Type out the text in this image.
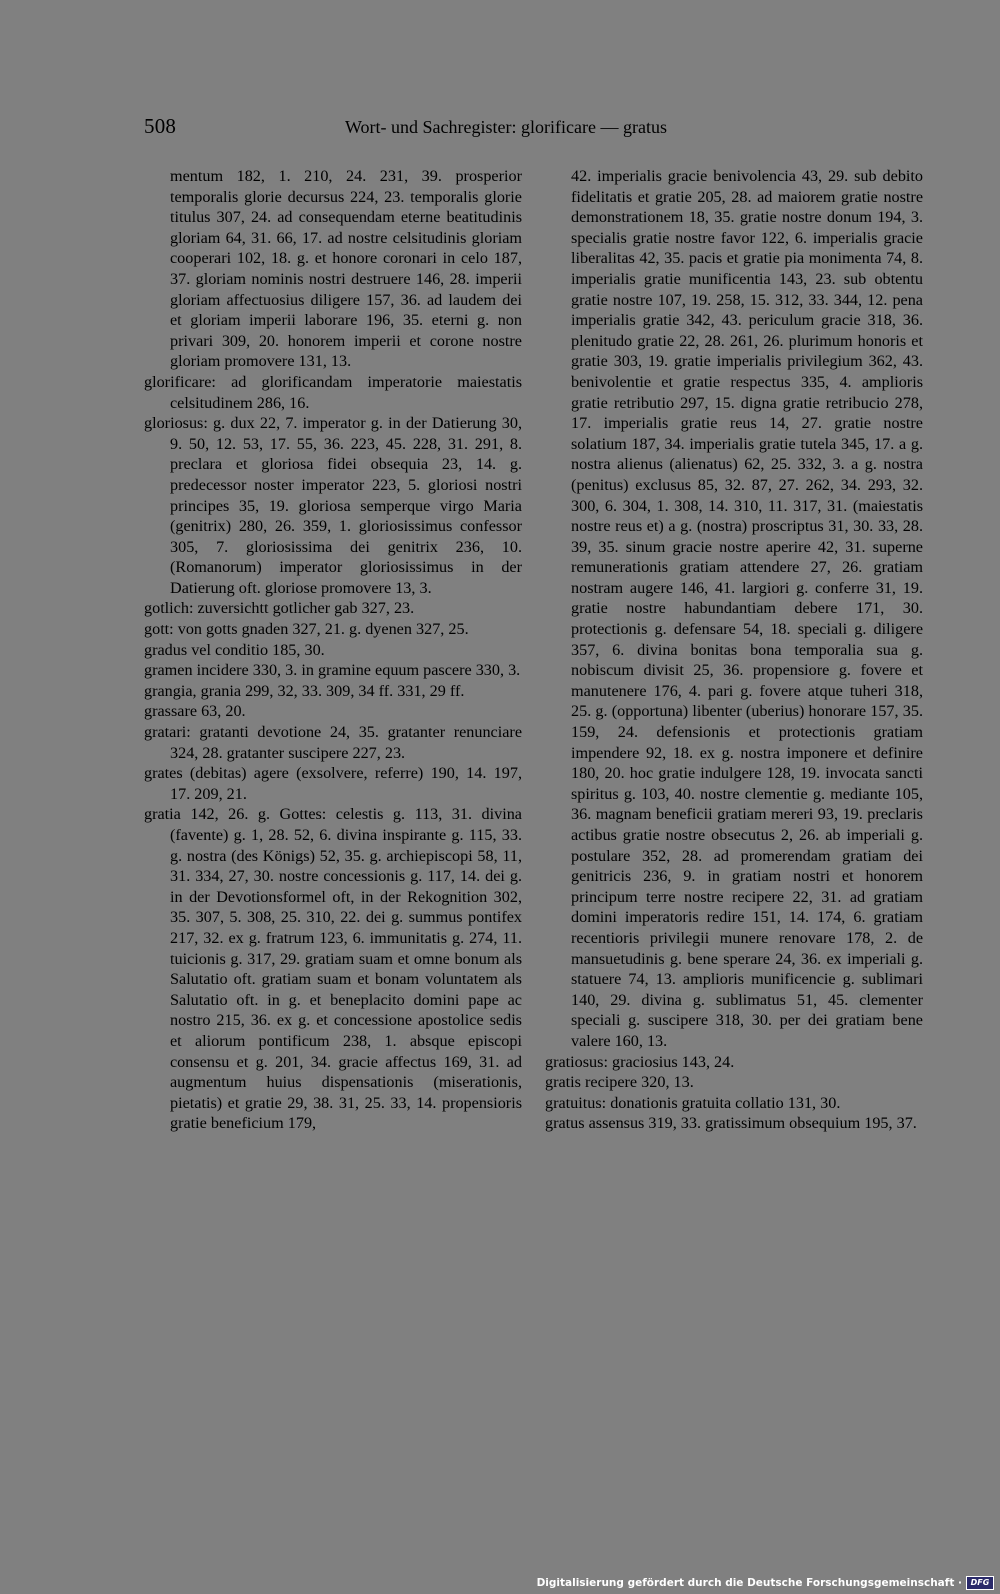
508	Wort- und Sachregister: glorificare — gratus

mentum 182, 1. 210, 24. 231, 39. prosperior temporalis glorie decursus 224, 23. temporalis glorie titulus 307, 24. ad consequendam eterne beatitudinis gloriam 64, 31. 66, 17. ad nostre celsitudinis gloriam cooperari 102, 18. g. et honore coronari in celo 187, 37. gloriam nominis nostri destruere 146, 28. imperii gloriam affectuosius diligere 157, 36. ad laudem dei et gloriam imperii laborare 196, 35. eterni g. non privari 309, 20. honorem imperii et corone nostre gloriam promovere 131, 13.

glorificare: ad glorificandam imperatorie maiestatis celsitudinem 286, 16.

gloriosus: g. dux 22, 7. imperator g. in der Datierung 30, 9. 50, 12. 53, 17. 55, 36. 223, 45. 228, 31. 291, 8. preclara et gloriosa fidei obsequia 23, 14. g. predecessor noster imperator 223, 5. gloriosi nostri principes 35, 19. gloriosa semperque virgo Maria (genitrix) 280, 26. 359, 1. gloriosissimus confessor 305, 7. gloriosissima dei genitrix 236, 10. (Romanorum) imperator gloriosissimus in der Datierung oft. gloriose promovere 13, 3.

gotlich: zuversichtt gotlicher gab 327, 23.

gott: von gotts gnaden 327, 21. g. dyenen 327, 25.

gradus vel conditio 185, 30.

gramen incidere 330, 3. in gramine equum pascere 330, 3.

grangia, grania 299, 32, 33. 309, 34 ff. 331, 29 ff.

grassare 63, 20.

gratari: gratanti devotione 24, 35. gratanter renunciare 324, 28. gratanter suscipere 227, 23.

grates (debitas) agere (exsolvere, referre) 190, 14. 197, 17. 209, 21.

gratia 142, 26. g. Gottes: celestis g. 113, 31. divina (favente) g. 1, 28. 52, 6. divina inspirante g. 115, 33. g. nostra (des Königs) 52, 35. g. archiepiscopi 58, 11, 31. 334, 27, 30. nostre concessionis g. 117, 14. dei g. in der Devotionsformel oft, in der Rekognition 302, 35. 307, 5. 308, 25. 310, 22. dei g. summus pontifex 217, 32. ex g. fratrum 123, 6. immunitatis g. 274, 11. tuicionis g. 317, 29. gratiam suam et omne bonum als Salutatio oft. gratiam suam et bonam voluntatem als Salutatio oft. in g. et beneplacito domini pape ac nostro 215, 36. ex g. et concessione apostolice sedis et aliorum pontificum 238, 1. absque episcopi consensu et g. 201, 34. gracie affectus 169, 31. ad augmentum huius dispensationis (miserationis, pietatis) et gratie 29, 38. 31, 25. 33, 14. propensioris gratie beneficium 179,

42. imperialis gracie benivolencia 43, 29. sub debito fidelitatis et gratie 205, 28. ad maiorem gratie nostre demonstrationem 18, 35. gratie nostre donum 194, 3. specialis gratie nostre favor 122, 6. imperialis gracie liberalitas 42, 35. pacis et gratie pia monimenta 74, 8. imperialis gratie munificentia 143, 23. sub obtentu gratie nostre 107, 19. 258, 15. 312, 33. 344, 12. pena imperialis gratie 342, 43. periculum gracie 318, 36. plenitudo gratie 22, 28. 261, 26. plurimum honoris et gratie 303, 19. gratie imperialis privilegium 362, 43. benivolentie et gratie respectus 335, 4. amplioris gratie retributio 297, 15. digna gratie retribucio 278, 17. imperialis gratie reus 14, 27. gratie nostre solatium 187, 34. imperialis gratie tutela 345, 17. a g. nostra alienus (alienatus) 62, 25. 332, 3. a g. nostra (penitus) exclusus 85, 32. 87, 27. 262, 34. 293, 32. 300, 6. 304, 1. 308, 14. 310, 11. 317, 31. (maiestatis nostre reus et) a g. (nostra) proscriptus 31, 30. 33, 28. 39, 35. sinum gracie nostre aperire 42, 31. superne remunerationis gratiam attendere 27, 26. gratiam nostram augere 146, 41. largiori g. conferre 31, 19. gratie nostre habundantiam debere 171, 30. protectionis g. defensare 54, 18. speciali g. diligere 357, 6. divina bonitas bona temporalia sua g. nobiscum divisit 25, 36. propensiore g. fovere et manutenere 176, 4. pari g. fovere atque tuheri 318, 25. g. (opportuna) libenter (uberius) honorare 157, 35. 159, 24. defensionis et protectionis gratiam impendere 92, 18. ex g. nostra imponere et definire 180, 20. hoc gratie indulgere 128, 19. invocata sancti spiritus g. 103, 40. nostre clementie g. mediante 105, 36. magnam beneficii gratiam mereri 93, 19. preclaris actibus gratie nostre obsecutus 2, 26. ab imperiali g. postulare 352, 28. ad promerendam gratiam dei genitricis 236, 9. in gratiam nostri et honorem principum terre nostre recipere 22, 31. ad gratiam domini imperatoris redire 151, 14. 174, 6. gratiam recentioris privilegii munere renovare 178, 2. de mansuetudinis g. bene sperare 24, 36. ex imperiali g. statuere 74, 13. amplioris munificencie g. sublimari 140, 29. divina g. sublimatus 51, 45. clementer speciali g. suscipere 318, 30. per dei gratiam bene valere 160, 13.

gratiosus: graciosius 143, 24.

gratis recipere 320, 13.

gratuitus: donationis gratuita collatio 131, 30.

gratus assensus 319, 33. gratissimum obsequium 195, 37.

Digitalisierung gefördert durch die Deutsche Forschungsgemeinschaft ·	DFG
